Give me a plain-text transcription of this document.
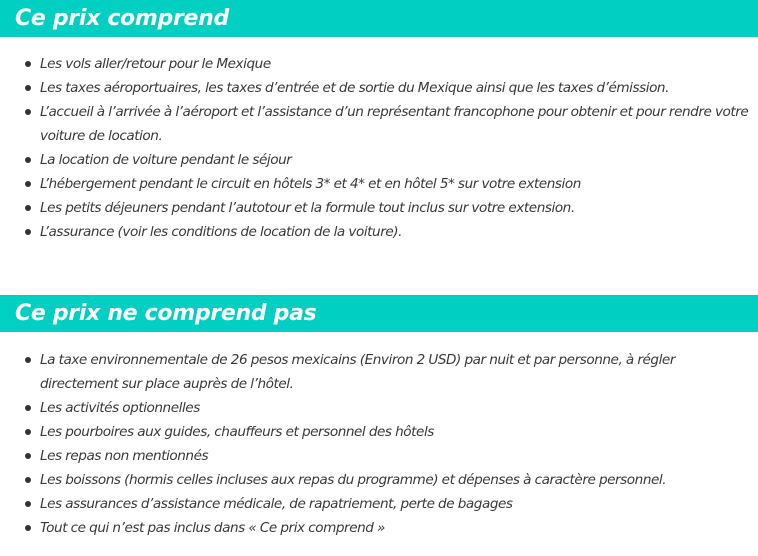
Ce prix comprend
Les vols aller/retour pour le Mexique
Les taxes aéroportuaires, les taxes d’entrée et de sortie du Mexique ainsi que les taxes d’émission.
L’accueil à l’arrivée à l’aéroport et l’assistance d’un représentant francophone pour obtenir et pour rendre votre voiture de location.
La location de voiture pendant le séjour
L’hébergement pendant le circuit en hôtels 3* et 4* et en hôtel 5* sur votre extension
Les petits déjeuners pendant l’autotour et la formule tout inclus sur votre extension.
L’assurance (voir les conditions de location de la voiture).
Ce prix ne comprend pas
La taxe environnementale de 26 pesos mexicains (Environ 2 USD) par nuit et par personne, à régler directement sur place auprès de l’hôtel.
Les activités optionnelles
Les pourboires aux guides, chauffeurs et personnel des hôtels
Les repas non mentionnés
Les boissons (hormis celles incluses aux repas du programme) et dépenses à caractère personnel.
Les assurances d’assistance médicale, de rapatriement, perte de bagages
Tout ce qui n’est pas inclus dans « Ce prix comprend »
